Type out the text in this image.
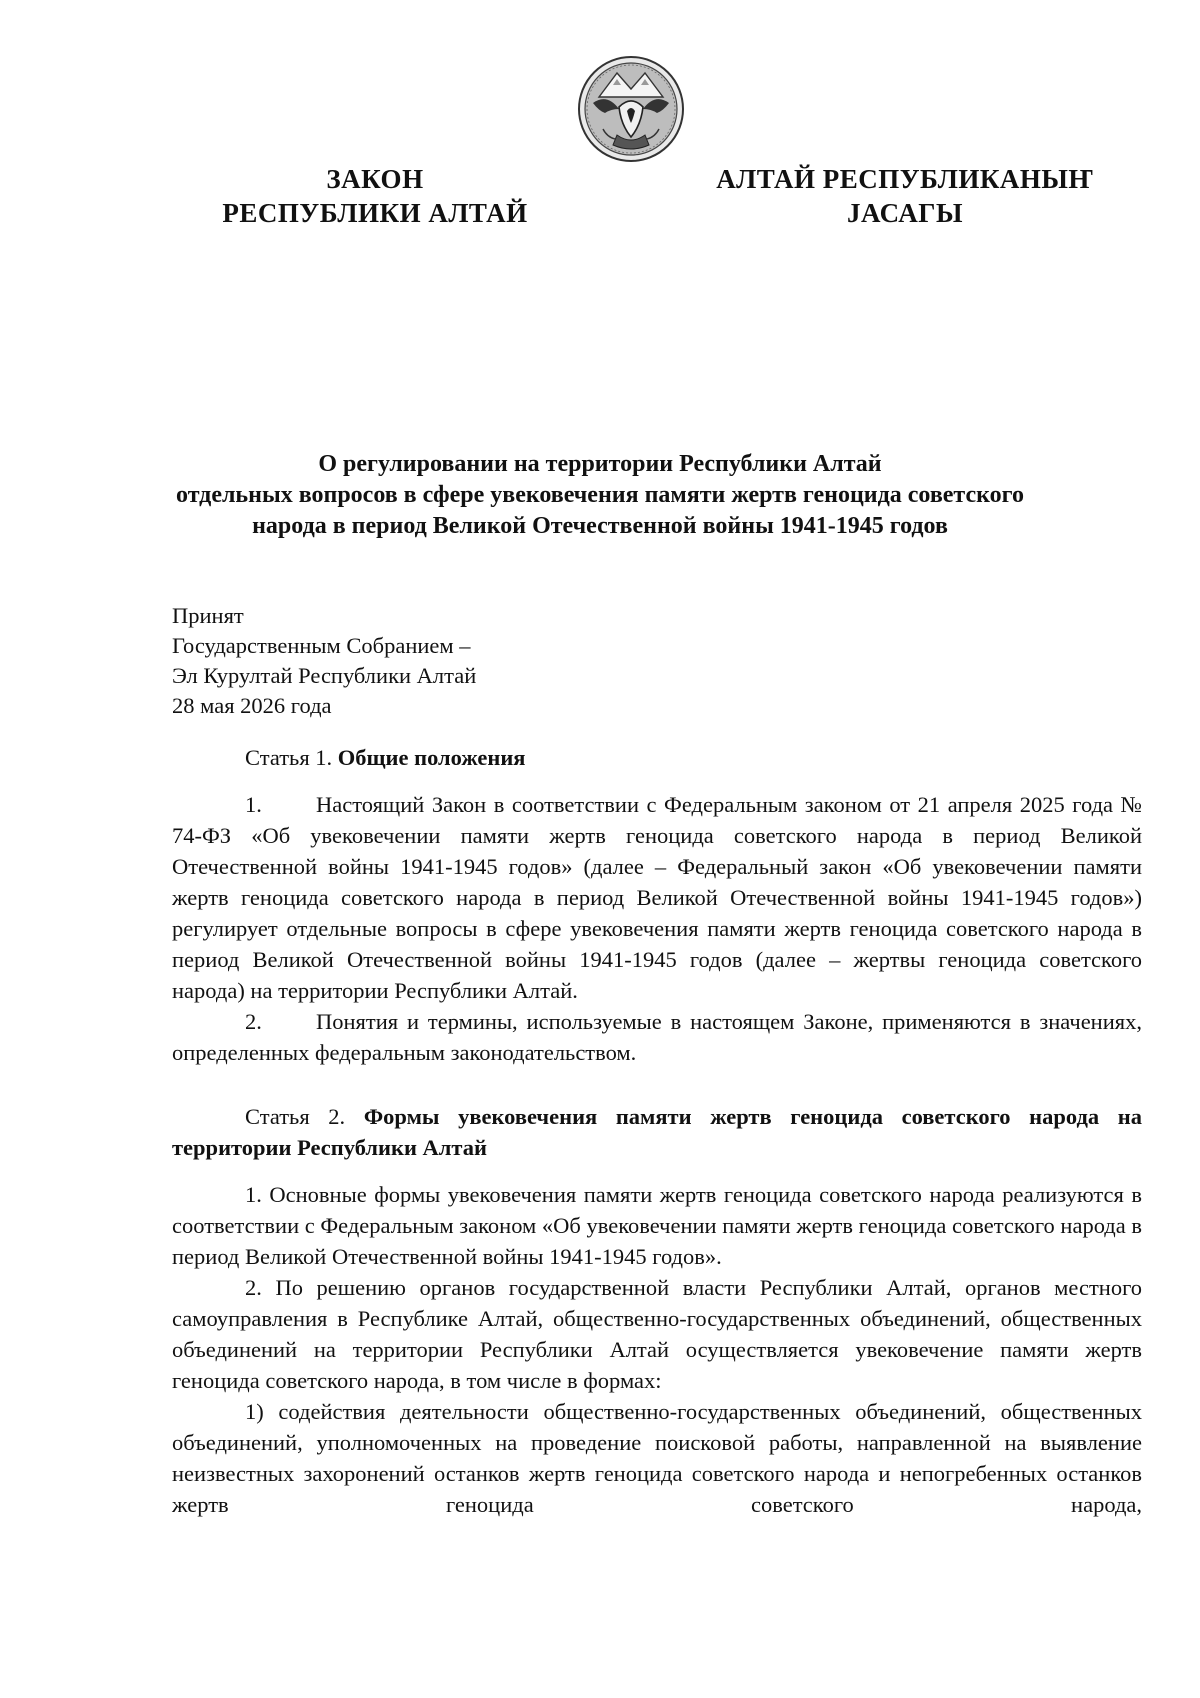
ЗАКОН
РЕСПУБЛИКИ АЛТАЙ
АЛТАЙ РЕСПУБЛИКАНЫҤ
ЈАСАГЫ
О регулировании на территории Республики Алтай
отдельных вопросов в сфере увековечения памяти жертв геноцида советского
народа в период Великой Отечественной войны 1941-1945 годов

Принят

Государственным Собранием –

Эл Курултай Республики Алтай

28 мая 2026 года

Статья 1. Общие положения

1. Настоящий Закон в соответствии с Федеральным законом от 21 апреля 2025 года № 74-ФЗ «Об увековечении памяти жертв геноцида советского народа в период Великой Отечественной войны 1941-1945 годов» (далее – Федеральный закон «Об увековечении памяти жертв геноцида советского народа в период Великой Отечественной войны 1941-1945 годов») регулирует отдельные вопросы в сфере увековечения памяти жертв геноцида советского народа в период Великой Отечественной войны 1941-1945 годов (далее – жертвы геноцида советского народа) на территории Республики Алтай.

2. Понятия и термины, используемые в настоящем Законе, применяются в значениях, определенных федеральным законодательством.

Статья 2. Формы увековечения памяти жертв геноцида советского народа на территории Республики Алтай

1. Основные формы увековечения памяти жертв геноцида советского народа реализуются в соответствии с Федеральным законом «Об увековечении памяти жертв геноцида советского народа в период Великой Отечественной войны 1941-1945 годов».

2. По решению органов государственной власти Республики Алтай, органов местного самоуправления в Республике Алтай, общественно-государственных объединений, общественных объединений на территории Республики Алтай осуществляется увековечение памяти жертв геноцида советского народа, в том числе в формах:

1) содействия деятельности общественно-государственных объединений, общественных объединений, уполномоченных на проведение поисковой работы, направленной на выявление неизвестных захоронений останков жертв геноцида советского народа и непогребенных останков жертв геноцида советского народа,
